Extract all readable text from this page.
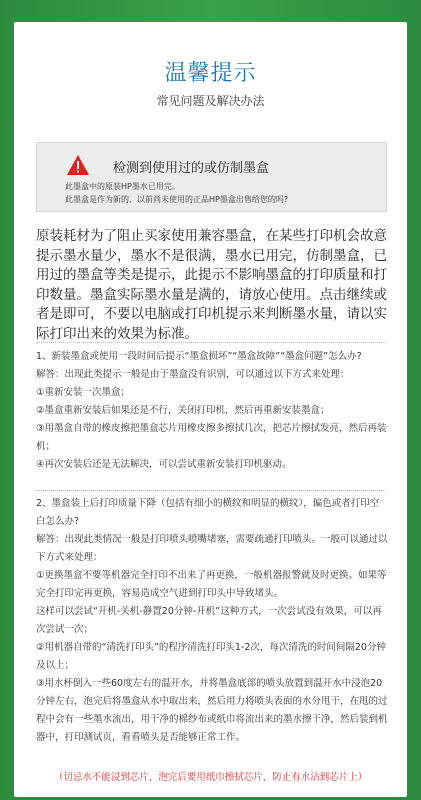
温馨提示
常见问题及解决办法
检测到使用过的或仿制墨盒
此墨盒中的原装HP墨水已用完。
此墨盒是作为新的、以前尚未使用的正品HP墨盒出售给您的吗?
原装耗材为了阻止买家使用兼容墨盒，在某些打印机会故意提示墨水量少，墨水不是很满，墨水已用完，仿制墨盒，已用过的墨盒等类是提示，此提示不影响墨盒的打印质量和打印数量。墨盒实际墨水量是满的，请放心使用。点击继续或者是即可，不要以电脑或打印机提示来判断墨水量，请以实际打印出来的效果为标准。

1、新装墨盒或使用一段时间后提示“墨盒损坏”“墨盒故障”“墨盒问题”怎么办?

解答：出现此类提示一般是由于墨盒没有识别，可以通过以下方式来处理：

①重新安装一次墨盒；

②墨盒重新安装后如果还是不行，关闭打印机，然后再重新安装墨盒；

③用墨盒自带的橡皮擦把墨盒芯片用橡皮擦多擦拭几次，把芯片擦拭发亮，然后再装机；

④再次安装后还是无法解决，可以尝试重新安装打印机驱动。

2、墨盒装上后打印质量下降（包括有细小的横纹和明显的横纹），偏色或者打印空白怎么办?

解答：出现此类情况一般是打印喷头喷嘴堵塞，需要疏通打印喷头。一般可以通过以下方式来处理：

①更换墨盒不要等机器完全打印不出来了再更换，一般机器报警就及时更换。如果等完全打印完再更换，容易造成空气进到打印头中导致堵头。

这样可以尝试“开机-关机-静置20分钟-开机”这种方式，一次尝试没有效果，可以再次尝试一次；

②用机器自带的“清洗打印头”的程序清洗打印头1-2次，每次清洗的时间间隔20分钟及以上；

③用水杯倒入一些60度左右的温开水，并将墨盒底部的喷头放置到温开水中浸泡20分钟左右，泡完后将墨盒从水中取出来，然后用力将喷头表面的水分甩干，在甩的过程中会有一些墨水流出，用干净的棉纱布或纸巾将流出来的墨水擦干净，然后装到机器中，打印测试页，看看喷头是否能够正常工作。

（切忌水不能浸到芯片，泡完后要用纸巾擦拭芯片，防止有水沾到芯片上）
